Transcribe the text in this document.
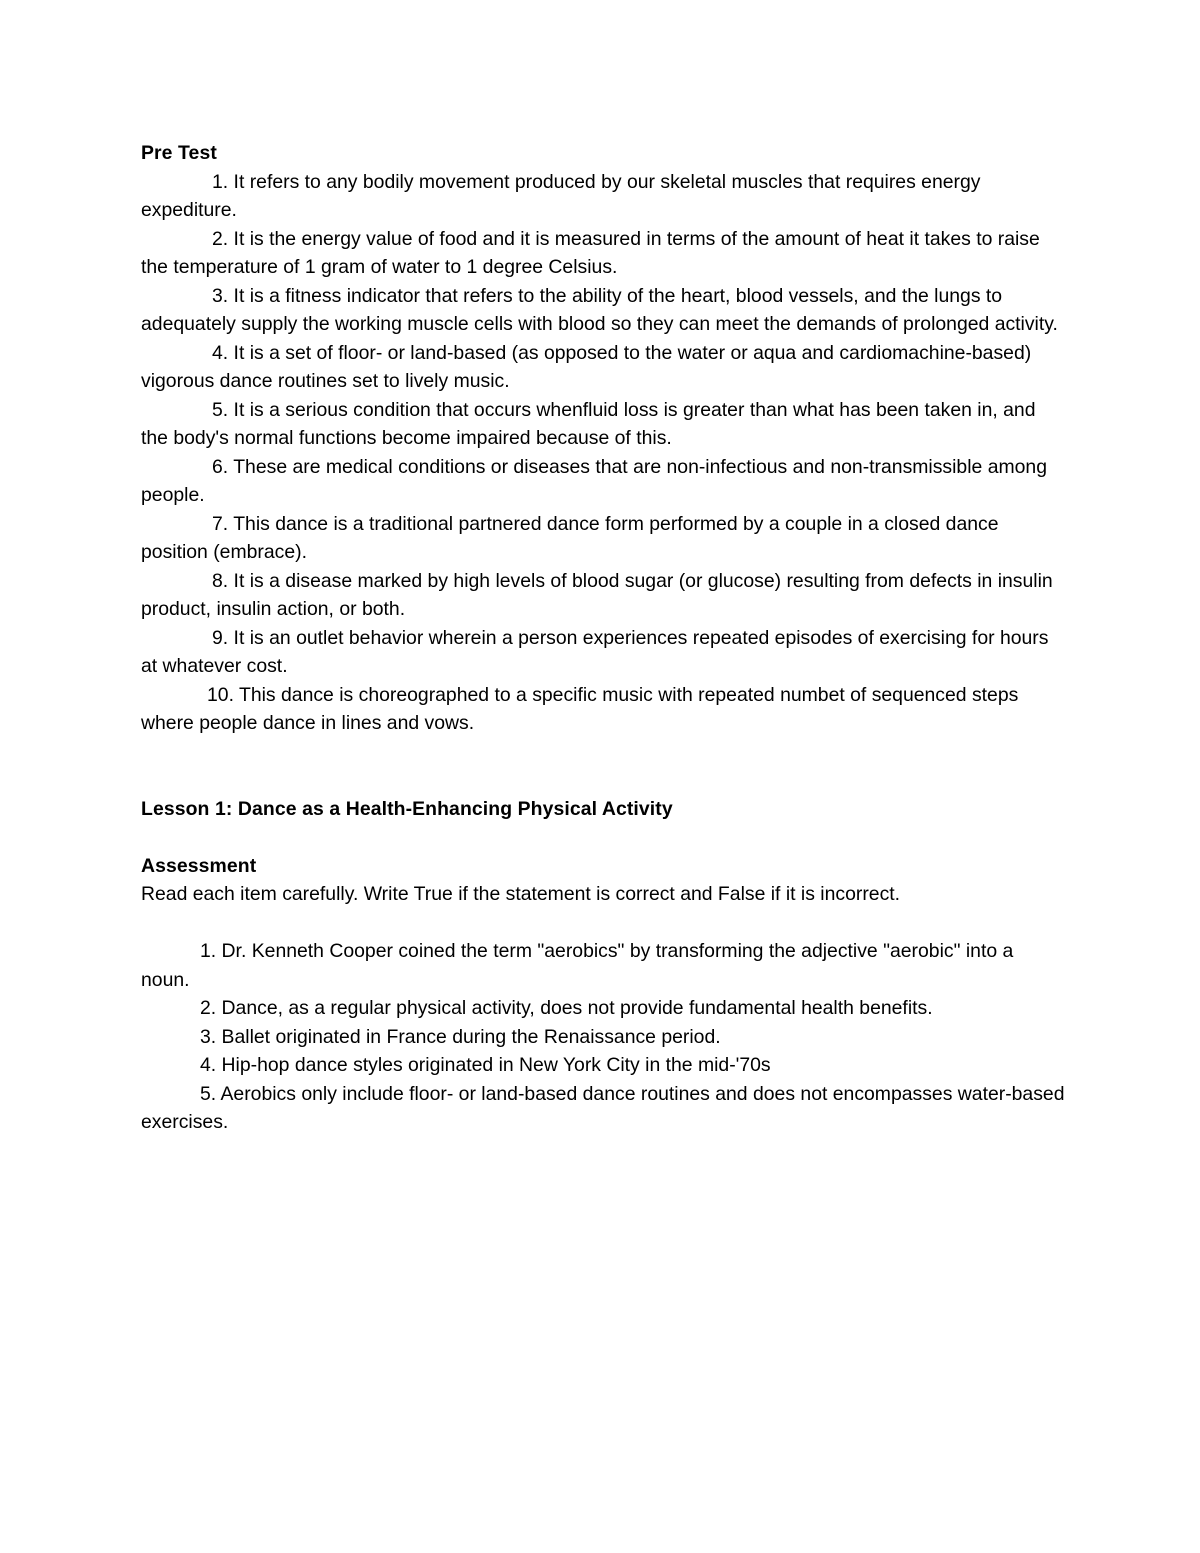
Pre Test

1. It refers to any bodily movement produced by our skeletal muscles that requires energy expediture.

2. It is the energy value of food and it is measured in terms of the amount of heat it takes to raise the temperature of 1 gram of water to 1 degree Celsius.

3. It is a fitness indicator that refers to the ability of the heart, blood vessels, and the lungs to adequately supply the working muscle cells with blood so they can meet the demands of prolonged activity.

4. It is a set of floor- or land-based (as opposed to the water or aqua and cardiomachine-based) vigorous dance routines set to lively music.

5. It is a serious condition that occurs whenfluid loss is greater than what has been taken in, and the body's normal functions become impaired because of this.

6. These are medical conditions or diseases that are non-infectious and non-transmissible among people.

7. This dance is a traditional partnered dance form performed by a couple in a closed dance position (embrace).

8. It is a disease marked by high levels of blood sugar (or glucose) resulting from defects in insulin product, insulin action, or both.

9. It is an outlet behavior wherein a person experiences repeated episodes of exercising for hours at whatever cost.

10. This dance is choreographed to a specific music with repeated numbet of sequenced steps where people dance in lines and vows.

Lesson 1: Dance as a Health-Enhancing Physical Activity

Assessment

Read each item carefully. Write True if the statement is correct and False if it is incorrect.

1. Dr. Kenneth Cooper coined the term "aerobics" by transforming the adjective "aerobic" into a noun.

2. Dance, as a regular physical activity, does not provide fundamental health benefits.

3. Ballet originated in France during the Renaissance period.

4. Hip-hop dance styles originated in New York City in the mid-'70s

5. Aerobics only include floor- or land-based dance routines and does not encompasses water-based exercises.
